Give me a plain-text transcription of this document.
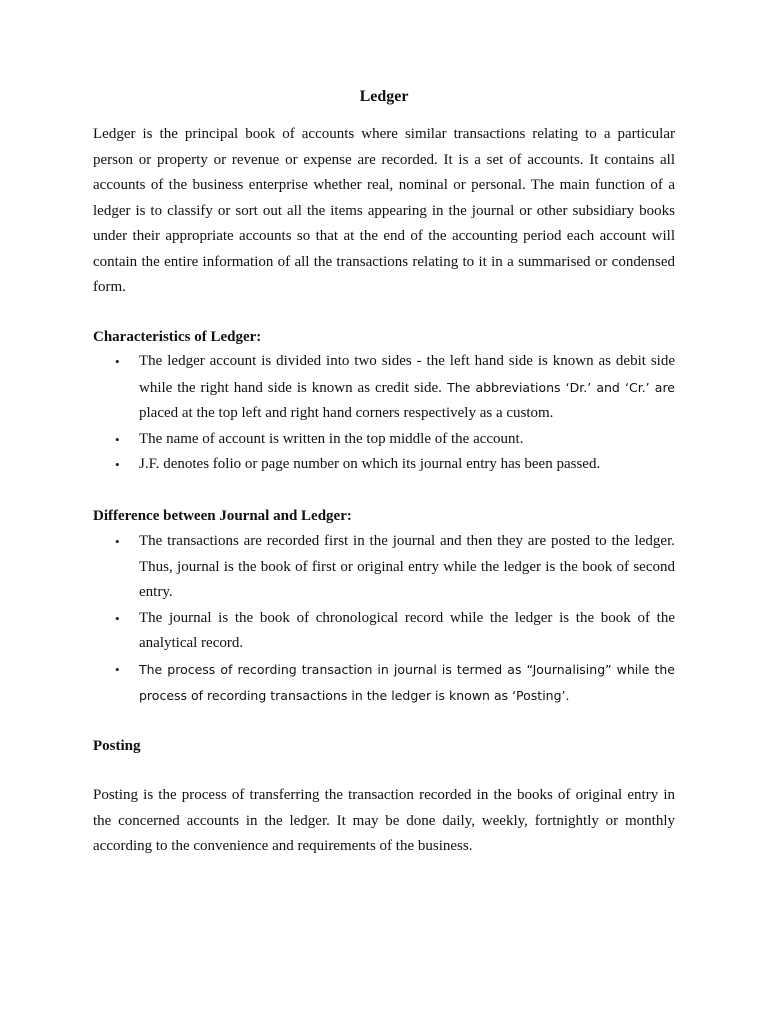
Ledger

Ledger is the principal book of accounts where similar transactions relating to a particular person or property or revenue or expense are recorded. It is a set of accounts. It contains all accounts of the business enterprise whether real, nominal or personal. The main function of a ledger is to classify or sort out all the items appearing in the journal or other subsidiary books under their appropriate accounts so that at the end of the accounting period each account will contain the entire information of all the transactions relating to it in a summarised or condensed form.

Characteristics of Ledger:

• The ledger account is divided into two sides - the left hand side is known as debit side while the right hand side is known as credit side. The abbreviations ‘Dr.’ and ‘Cr.’ are placed at the top left and right hand corners respectively as a custom.
• The name of account is written in the top middle of the account.
• J.F. denotes folio or page number on which its journal entry has been passed.

Difference between Journal and Ledger:

• The transactions are recorded first in the journal and then they are posted to the ledger. Thus, journal is the book of first or original entry while the ledger is the book of second entry.
• The journal is the book of chronological record while the ledger is the book of the analytical record.
• The process of recording transaction in journal is termed as “Journalising” while the process of recording transactions in the ledger is known as ‘Posting’.

Posting

Posting is the process of transferring the transaction recorded in the books of original entry in the concerned accounts in the ledger. It may be done daily, weekly, fortnightly or monthly according to the convenience and requirements of the business.
